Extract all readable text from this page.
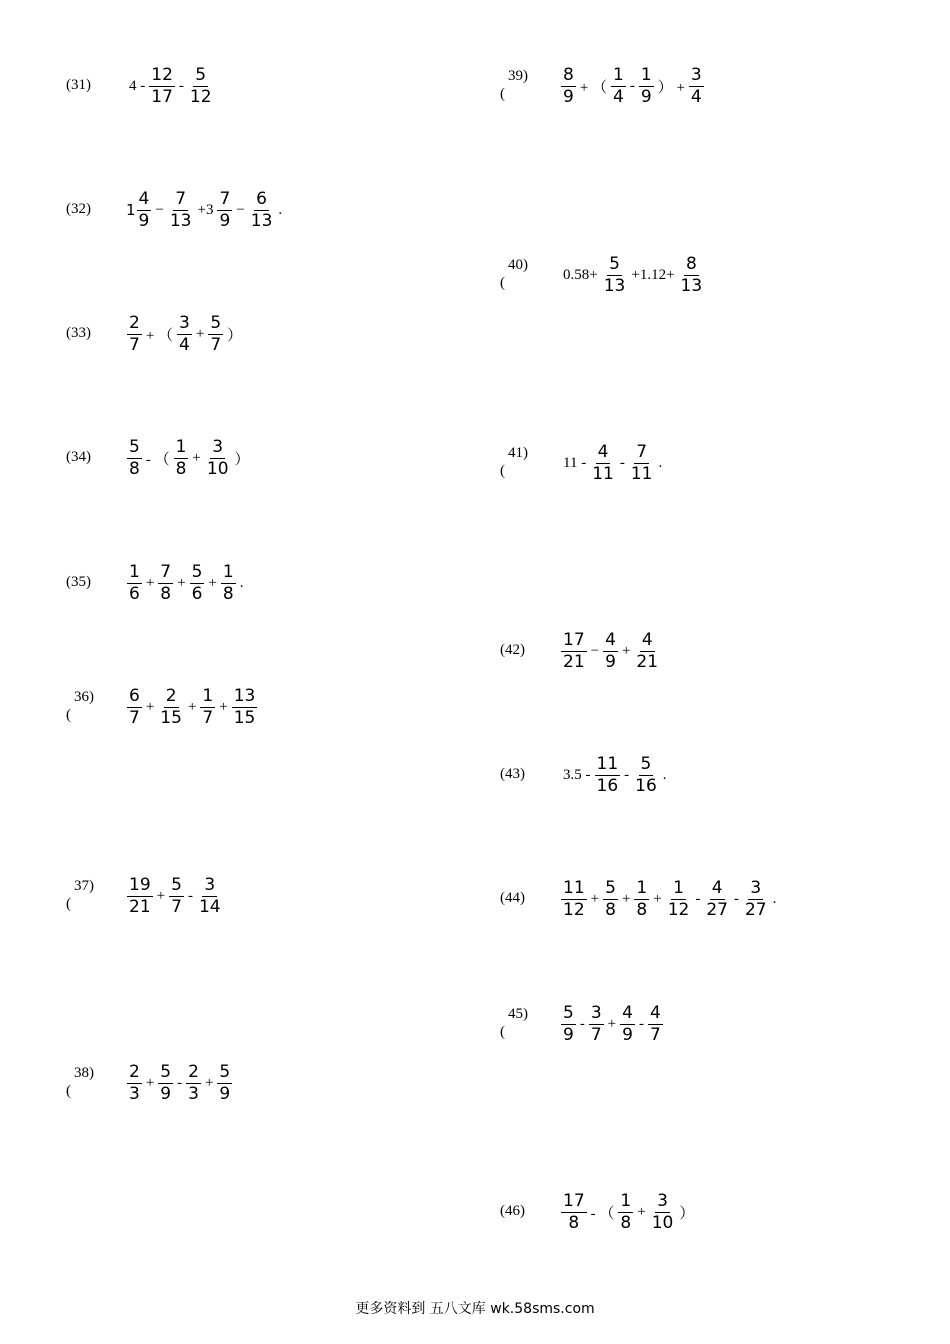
(31)	$4 - \frac{12}{17} - \frac{5}{12}$
(32) $1 \frac{4}{9} - \frac{7}{13} +3 \frac{7}{9} - \frac{6}{13}$ .
$(33) \frac{2}{7}$ + （ $\frac{3}{4} + \frac{5}{7}$ ）
$(34) \frac{5}{8}$ - （ $\frac{1}{8} + \frac{3}{10}$ ）
$(35) \frac{1}{6} + \frac{7}{8} + \frac{5}{6} + \frac{1}{8}$ .
36)
(	$\frac{6}{7} + \frac{2}{15} + \frac{1}{7} + \frac{13}{15}$
37)
(	$\frac{19}{21} + \frac{5}{7} - \frac{3}{14}$
38)
(	$\frac{2}{3} + \frac{5}{9} - \frac{2}{3} + \frac{5}{9}$
39)
(	$\frac{8}{9}$ + （ $\frac{1}{4} - \frac{1}{9}$ ） + $\frac{3}{4}$
40)
(
$0.58+ \frac{5}{13} +1.12+ \frac{8}{13}$
41)
(
$11 - \frac{4}{11} - \frac{7}{11}$ .
$(42) \frac{17}{21} - \frac{4}{9} + \frac{4}{21}$
(43)	$3.5 - \frac{11}{16} - \frac{5}{16}$ .
$(44) \frac{11}{12} + \frac{5}{8} + \frac{1}{8} + \frac{1}{12} - \frac{4}{27} - \frac{3}{27}$ .
45)
(	$\frac{5}{9} - \frac{3}{7} + \frac{4}{9} - \frac{4}{7}$
$(46) \frac{17}{8}$ - （ $\frac{1}{8} + \frac{3}{10}$ ）
更多资料到 五八文库 wk.58sms.com
